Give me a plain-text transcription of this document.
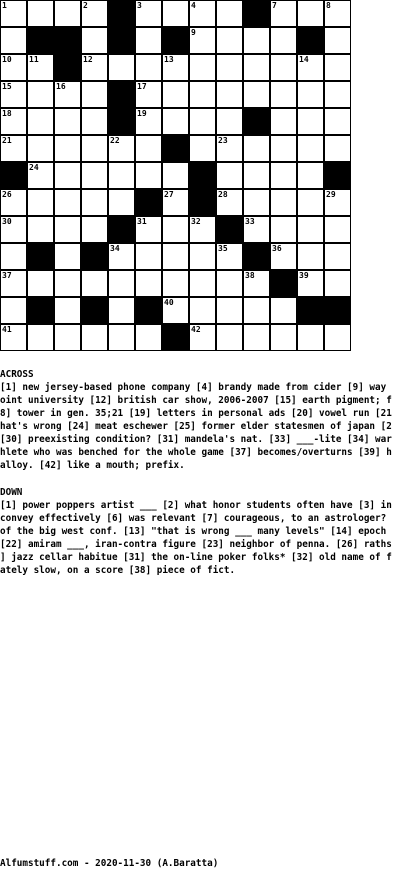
1	2	3	4	6	7	8
9
10 11	12	13	14
15	16	17
18	19	20
21	22	23
24	25
26	27	28	29
30	31	32	33
34	35	36
37	38	39
40
41	42
ACROSS
[1] new jersey-based phone company [4] brandy made from cider [9] way
oint university [12] british car show, 2006-2007 [15] earth pigment; f
8] tower in gen. 35;21 [19] letters in personal ads [20] vowel run [21
hat's wrong [24] meat eschewer [25] former elder statesmen of japan [2
[30] preexisting condition? [31] mandela's nat. [33] ___-lite [34] war
hlete who was benched for the whole game [37] becomes/overturns [39] h
alloy. [42] like a mouth; prefix.
DOWN
[1] power poppers artist ___ [2] what honor students often have [3] in
convey effectively [6] was relevant [7] courageous, to an astrologer?
of the big west conf. [13] "that is wrong ___ many levels" [14] epoch
[22] amiram ___, iran-contra figure [23] neighbor of penna. [26] raths
] jazz cellar habitue [31] the on-line poker folks* [32] old name of f
ately slow, on a score [38] piece of fict.
Alfumstuff.com - 2020-11-30 (A.Baratta)
